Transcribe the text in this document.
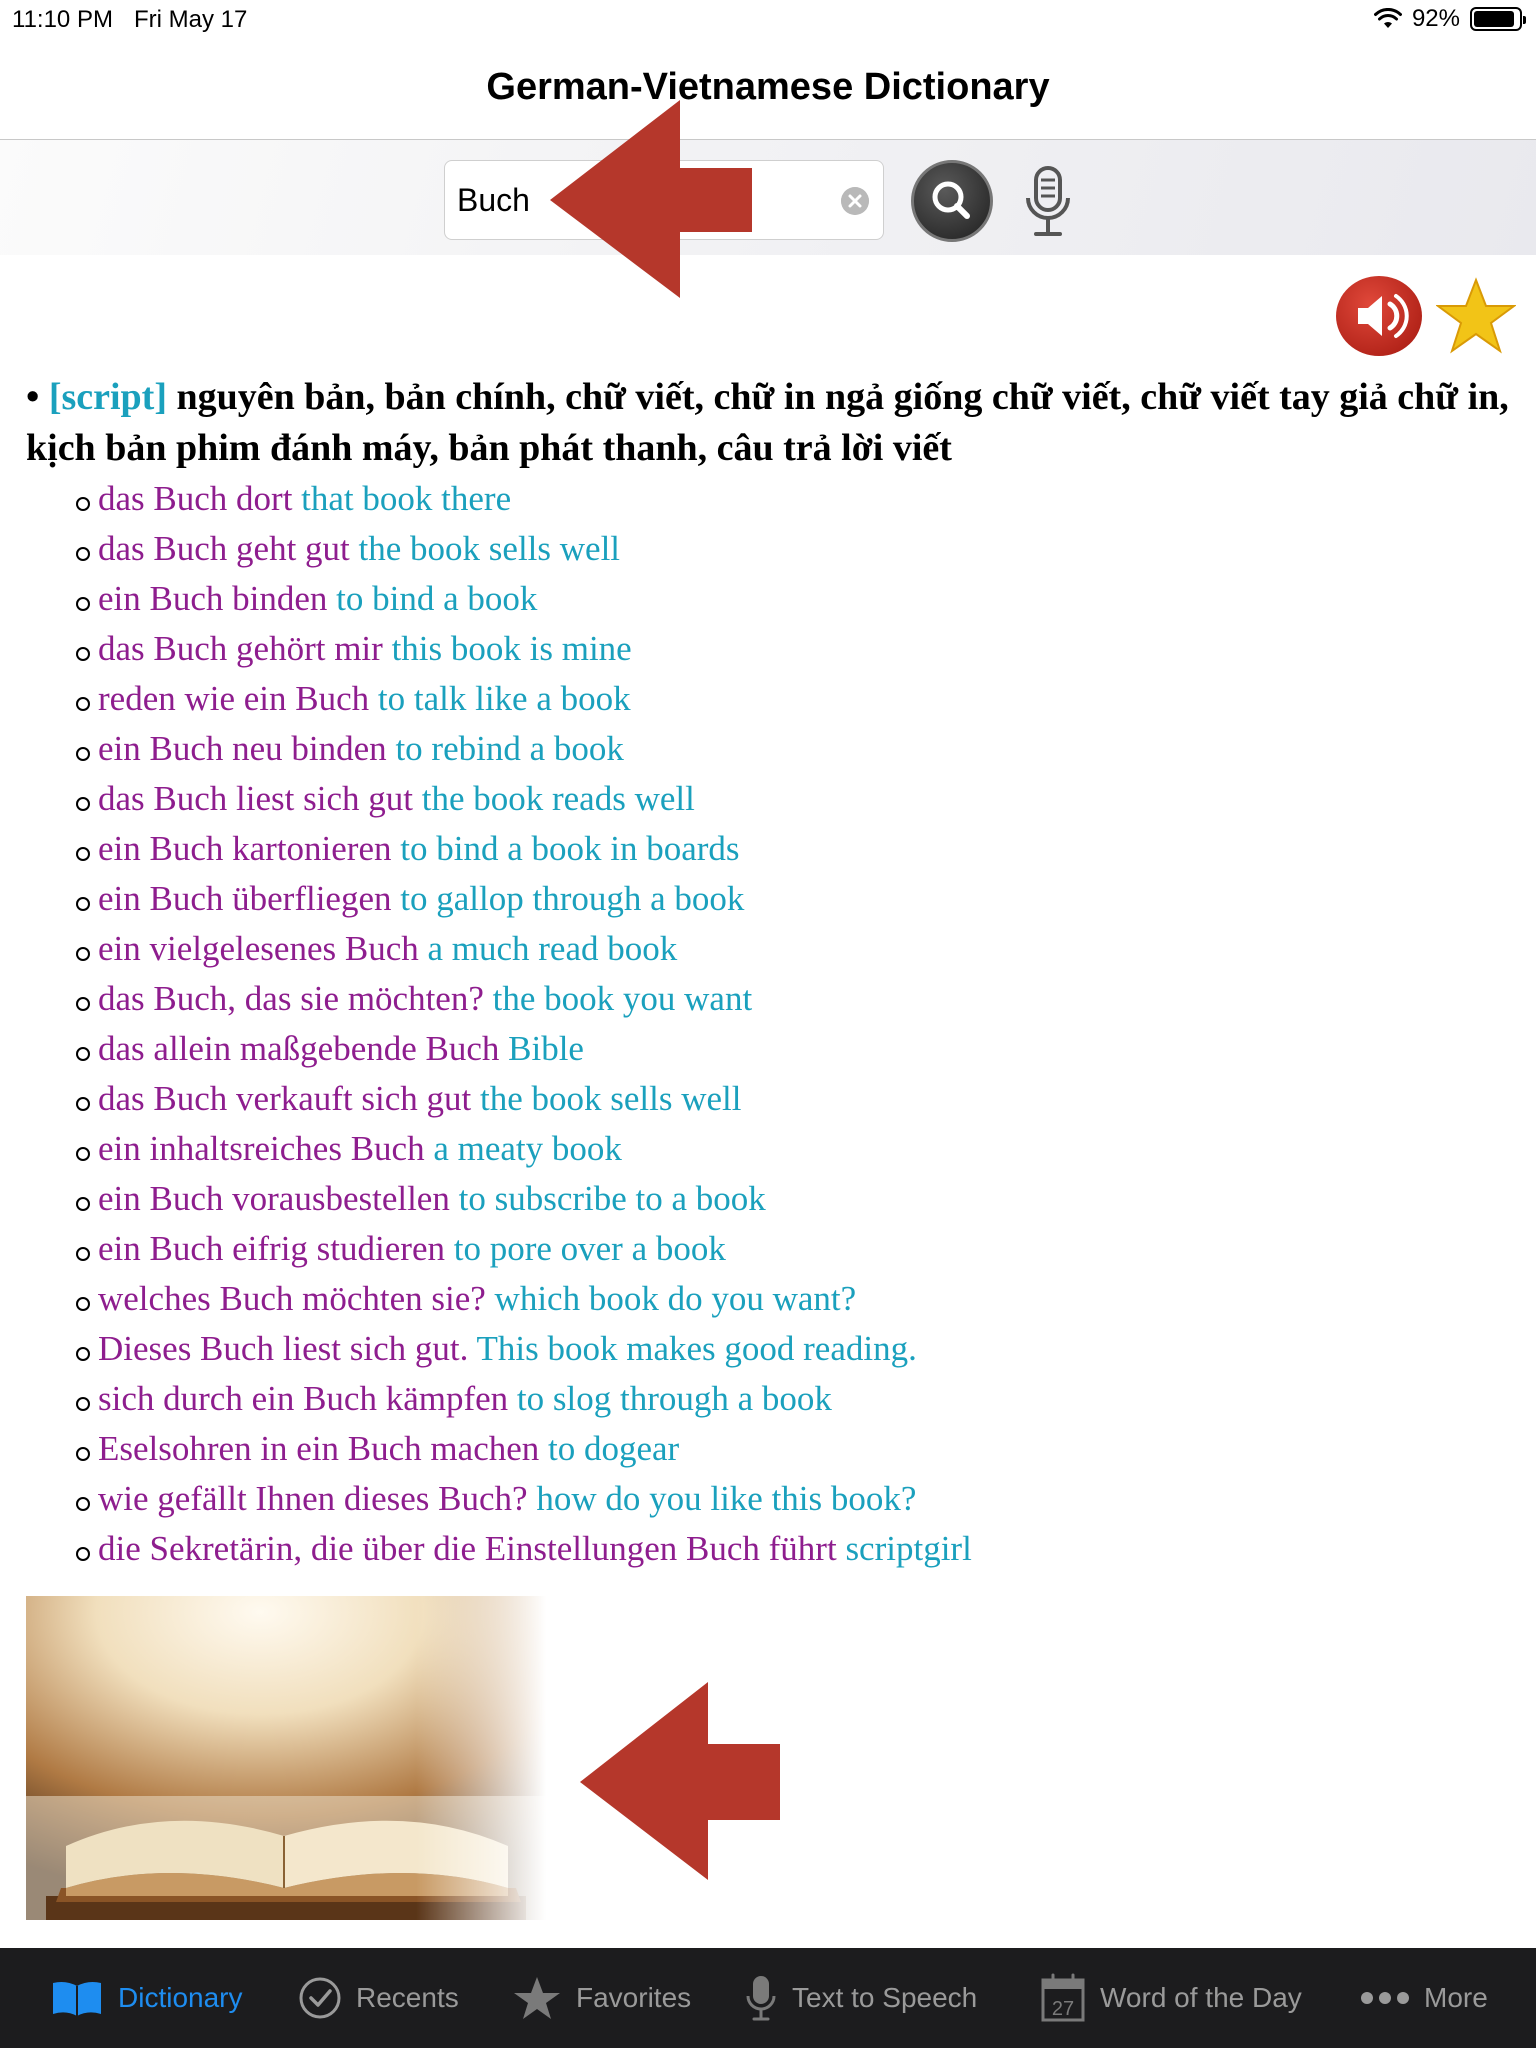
11:10 PM Fri May 17	92%
German-Vietnamese Dictionary
Buch
• [script] nguyên bản, bản chính, chữ viết, chữ in ngả giống chữ viết, chữ viết tay giả chữ in, kịch bản phim đánh máy, bản phát thanh, câu trả lời viết
das Buch dort that book there
das Buch geht gut the book sells well
ein Buch binden to bind a book
das Buch gehört mir this book is mine
reden wie ein Buch to talk like a book
ein Buch neu binden to rebind a book
das Buch liest sich gut the book reads well
ein Buch kartonieren to bind a book in boards
ein Buch überfliegen to gallop through a book
ein vielgelesenes Buch a much read book
das Buch, das sie möchten? the book you want
das allein maßgebende Buch Bible
das Buch verkauft sich gut the book sells well
ein inhaltsreiches Buch a meaty book
ein Buch vorausbestellen to subscribe to a book
ein Buch eifrig studieren to pore over a book
welches Buch möchten sie? which book do you want?
Dieses Buch liest sich gut. This book makes good reading.
sich durch ein Buch kämpfen to slog through a book
Eselsohren in ein Buch machen to dogear
wie gefällt Ihnen dieses Buch? how do you like this book?
die Sekretärin, die über die Einstellungen Buch führt scriptgirl
Dictionary	Recents	Favorites	Text to Speech	27 Word of the Day	More
